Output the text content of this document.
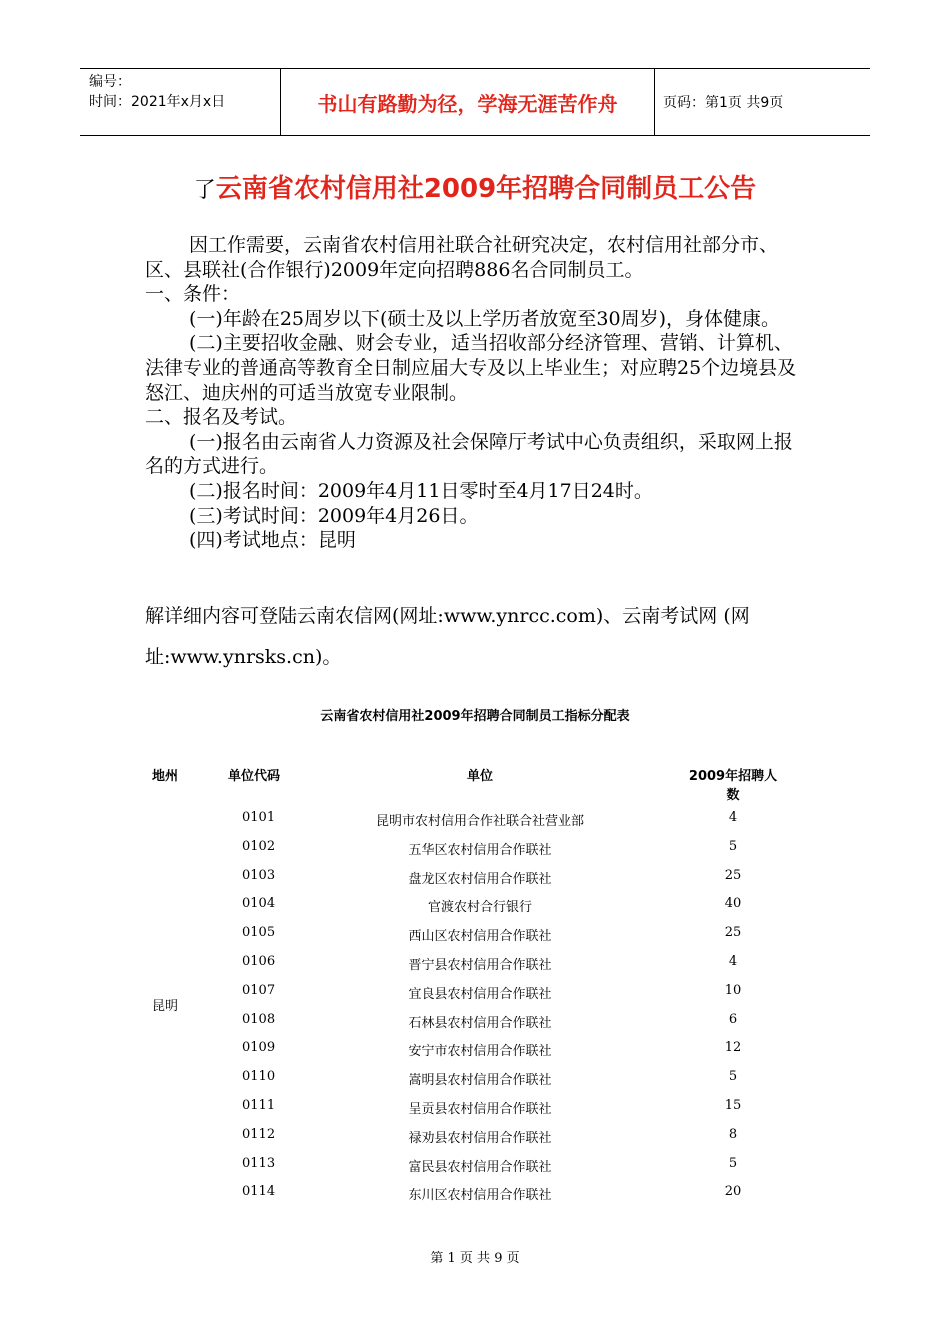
编号：
时间：2021年x月x日	书山有路勤为径，学海无涯苦作舟	页码：第1页 共9页
了云南省农村信用社2009年招聘合同制员工公告

因工作需要，云南省农村信用社联合社研究决定，农村信用社部分市、区、县联社(合作银行)2009年定向招聘886名合同制员工。

一、条件：

(一)年龄在25周岁以下(硕士及以上学历者放宽至30周岁)，身体健康。

(二)主要招收金融、财会专业，适当招收部分经济管理、营销、计算机、法律专业的普通高等教育全日制应届大专及以上毕业生；对应聘25个边境县及怒江、迪庆州的可适当放宽专业限制。

二、报名及考试。

(一)报名由云南省人力资源及社会保障厅考试中心负责组织，采取网上报名的方式进行。

(二)报名时间：2009年4月11日零时至4月17日24时。

(三)考试时间：2009年4月26日。

(四)考试地点：昆明

解详细内容可登陆云南农信网(网址:www.ynrcc.com)、云南考试网 (网

址:www.ynrsks.cn)。

云南省农村信用社2009年招聘合同制员工指标分配表
地州	单位代码	单位	2009年招聘人数
昆明
0101	昆明市农村信用合作社联合社营业部	4
0102	五华区农村信用合作联社	5
0103	盘龙区农村信用合作联社	25
0104	官渡农村合行银行	40
0105	西山区农村信用合作联社	25
0106	晋宁县农村信用合作联社	4
0107	宜良县农村信用合作联社	10
0108	石林县农村信用合作联社	6
0109	安宁市农村信用合作联社	12
0110	嵩明县农村信用合作联社	5
0111	呈贡县农村信用合作联社	15
0112	禄劝县农村信用合作联社	8
0113	富民县农村信用合作联社	5
0114	东川区农村信用合作联社	20
第 1 页 共 9 页
